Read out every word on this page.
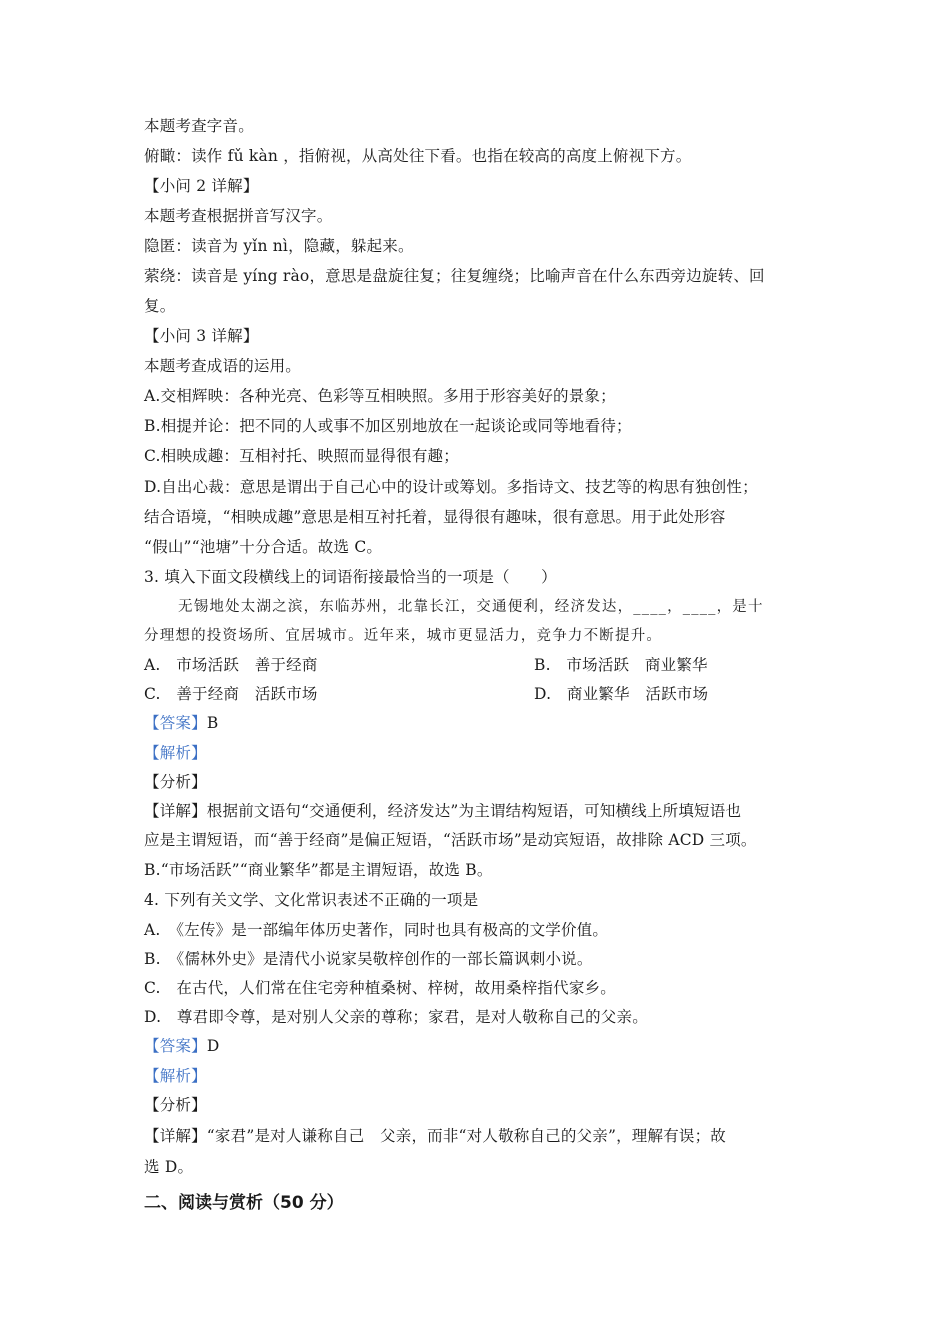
本题考查字音。
俯瞰：读作 fǔ kàn ，指俯视，从高处往下看。也指在较高的高度上俯视下方。
【小问 2 详解】
本题考查根据拼音写汉字。
隐匿：读音为 yǐn nì，隐藏，躲起来。
萦绕：读音是 yíng rào，意思是盘旋往复；往复缠绕；比喻声音在什么东西旁边旋转、回
复。
【小问 3 详解】
本题考查成语的运用。
A.交相辉映：各种光亮、色彩等互相映照。多用于形容美好的景象；
B.相提并论：把不同的人或事不加区别地放在一起谈论或同等地看待；
C.相映成趣：互相衬托、映照而显得很有趣；
D.自出心裁：意思是谓出于自己心中的设计或筹划。多指诗文、技艺等的构思有独创性；
结合语境，“相映成趣”意思是相互衬托着，显得很有趣味，很有意思。用于此处形容
“假山”“池塘”十分合适。故选 C。
3. 填入下面文段横线上的词语衔接最恰当的一项是（　　）
无锡地处太湖之滨，东临苏州，北靠长江，交通便利，经济发达，____，____，是十
分理想的投资场所、宜居城市。近年来，城市更显活力，竞争力不断提升。
A.　市场活跃　善于经商	B.　市场活跃　商业繁华
C.　善于经商　活跃市场	D.　商业繁华　活跃市场
【答案】B
【解析】
【分析】
【详解】根据前文语句“交通便利，经济发达”为主谓结构短语，可知横线上所填短语也
应是主谓短语，而“善于经商”是偏正短语，“活跃市场”是动宾短语，故排除 ACD 三项。
B.“市场活跃”“商业繁华”都是主谓短语，故选 B。
4. 下列有关文学、文化常识表述不正确的一项是
A.　《左传》是一部编年体历史著作，同时也具有极高的文学价值。
B.　《儒林外史》是清代小说家吴敬梓创作的一部长篇讽刺小说。
C.　在古代，人们常在住宅旁种植桑树、梓树，故用桑梓指代家乡。
D.　尊君即令尊，是对别人父亲的尊称；家君，是对人敬称自己的父亲。
【答案】D
【解析】
【分析】
【详解】“家君”是对人谦称自己　父亲，而非“对人敬称自己的父亲”，理解有误；故
选 D。
二、阅读与赏析（50 分）
